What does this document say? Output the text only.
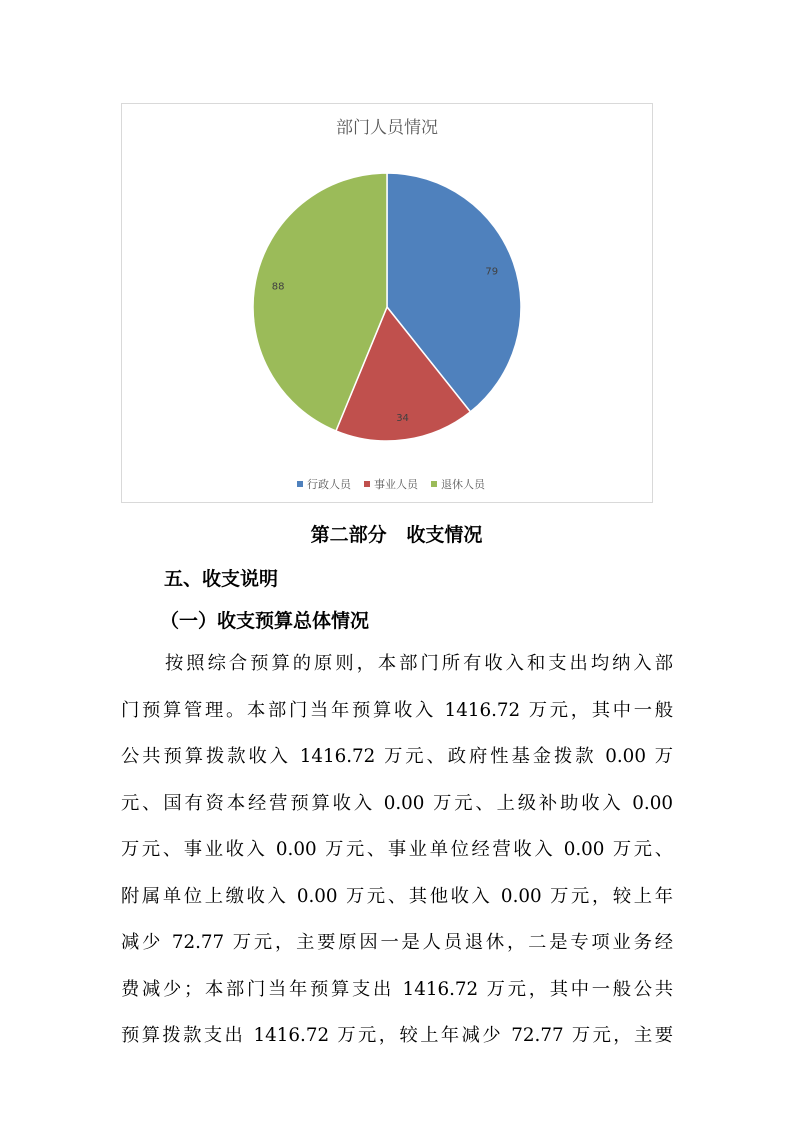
部门人员情况
79
34
88
行政人员 事业人员 退休人员
第二部分   收支情况
五、收支说明
（一）收支预算总体情况
按照综合预算的原则，本部门所有收入和支出均纳入部
门预算管理。本部门当年预算收入 1416.72 万元，其中一般
公共预算拨款收入 1416.72 万元、政府性基金拨款 0.00 万
元、国有资本经营预算收入 0.00 万元、上级补助收入 0.00
万元、事业收入 0.00 万元、事业单位经营收入 0.00 万元、
附属单位上缴收入 0.00 万元、其他收入 0.00 万元，较上年
减少 72.77 万元，主要原因一是人员退休，二是专项业务经
费减少；本部门当年预算支出 1416.72 万元，其中一般公共
预算拨款支出 1416.72 万元，较上年减少 72.77 万元，主要
